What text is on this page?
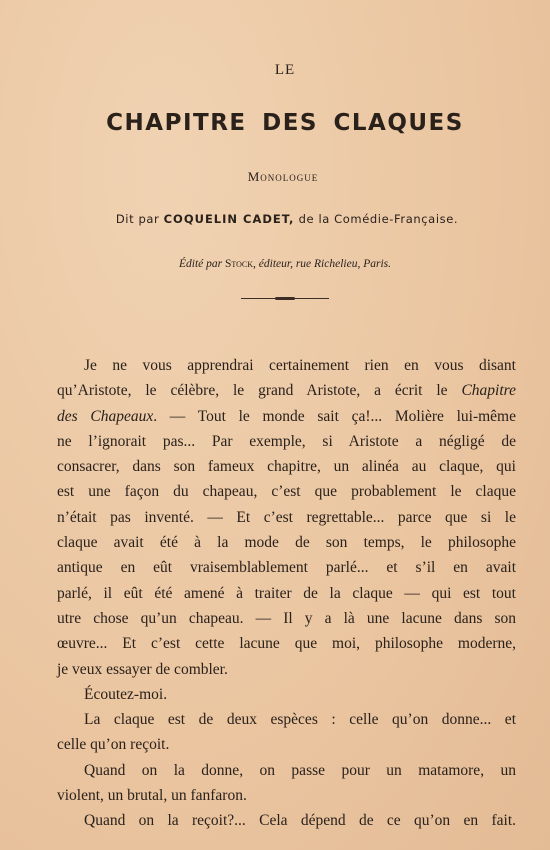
LE
CHAPITRE DES CLAQUES
Monologue
Dit par COQUELIN CADET, de la Comédie-Française.
Édité par Stock, éditeur, rue Richelieu, Paris.
Je ne vous apprendrai certainement rien en vous disant
qu’Aristote, le célèbre, le grand Aristote, a écrit le Chapitre
des Chapeaux. — Tout le monde sait ça!... Molière lui-même
ne l’ignorait pas... Par exemple, si Aristote a négligé de
consacrer, dans son fameux chapitre, un alinéa au claque, qui
est une façon du chapeau, c’est que probablement le claque
n’était pas inventé. — Et c’est regrettable... parce que si le
claque avait été à la mode de son temps, le philosophe
antique en eût vraisemblablement parlé... et s’il en avait
parlé, il eût été amené à traiter de la claque — qui est tout
utre chose qu’un chapeau. — Il y a là une lacune dans son
œuvre... Et c’est cette lacune que moi, philosophe moderne,
je veux essayer de combler.
Écoutez-moi.
La claque est de deux espèces : celle qu’on donne... et
celle qu’on reçoit.
Quand on la donne, on passe pour un matamore, un
violent, un brutal, un fanfaron.
Quand on la reçoit?... Cela dépend de ce qu’on en fait.
